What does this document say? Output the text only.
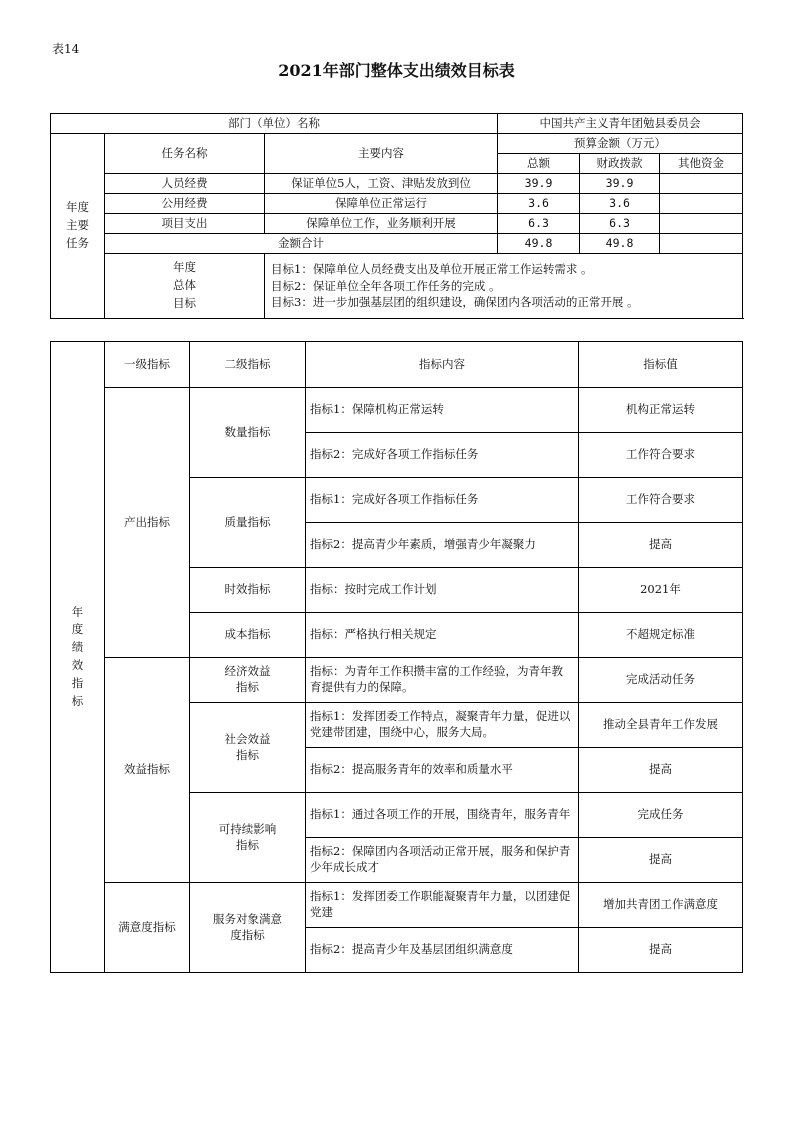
表14
2021年部门整体支出绩效目标表
部门（单位）名称			中国共产主义青年团勉县委员会		

年度主要任务	任务名称	主要内容	预算金额（万元）		
			总额	财政拨款	其他资金
	人员经费	保证单位5人，工资、津贴发放到位	39.9	39.9	
	公用经费	保障单位正常运行	3.6	3.6	
	项目支出	保障单位工作，业务顺利开展	6.3	6.3	
	金额合计		49.8	49.8	

	年度总体目标	目标1：保障单位人员经费支出及单位开展正常工作运转需求 。
目标2：保证单位全年各项工作任务的完成 。
目标3：进一步加强基层团的组织建设，确保团内各项活动的正常开展 。			
年度绩效指标	一级指标	二级指标	指标内容	指标值
	产出指标	数量指标	指标1：保障机构正常运转	机构正常运转
			指标2：完成好各项工作指标任务	工作符合要求

		质量指标	指标1：完成好各项工作指标任务	工作符合要求
			指标2：提高青少年素质，增强青少年凝聚力	提高
		时效指标	指标：按时完成工作计划	2021年
		成本指标	指标：严格执行相关规定	不超规定标准
	效益指标	经济效益指标	指标：为青年工作积攒丰富的工作经验，为青年教育提供有力的保障。	完成活动任务

		社会效益指标	指标1：发挥团委工作特点，凝聚青年力量，促进以党建带团建，围绕中心，服务大局。	推动全县青年工作发展
			指标2：提高服务青年的效率和质量水平	提高

		可持续影响指标	指标1：通过各项工作的开展，围绕青年，服务青年	完成任务
			指标2：保障团内各项活动正常开展，服务和保护青少年成长成才	提高
	满意度指标	服务对象满意度指标	指标1：发挥团委工作职能凝聚青年力量，以团建促党建	增加共青团工作满意度
			指标2：提高青少年及基层团组织满意度	提高
